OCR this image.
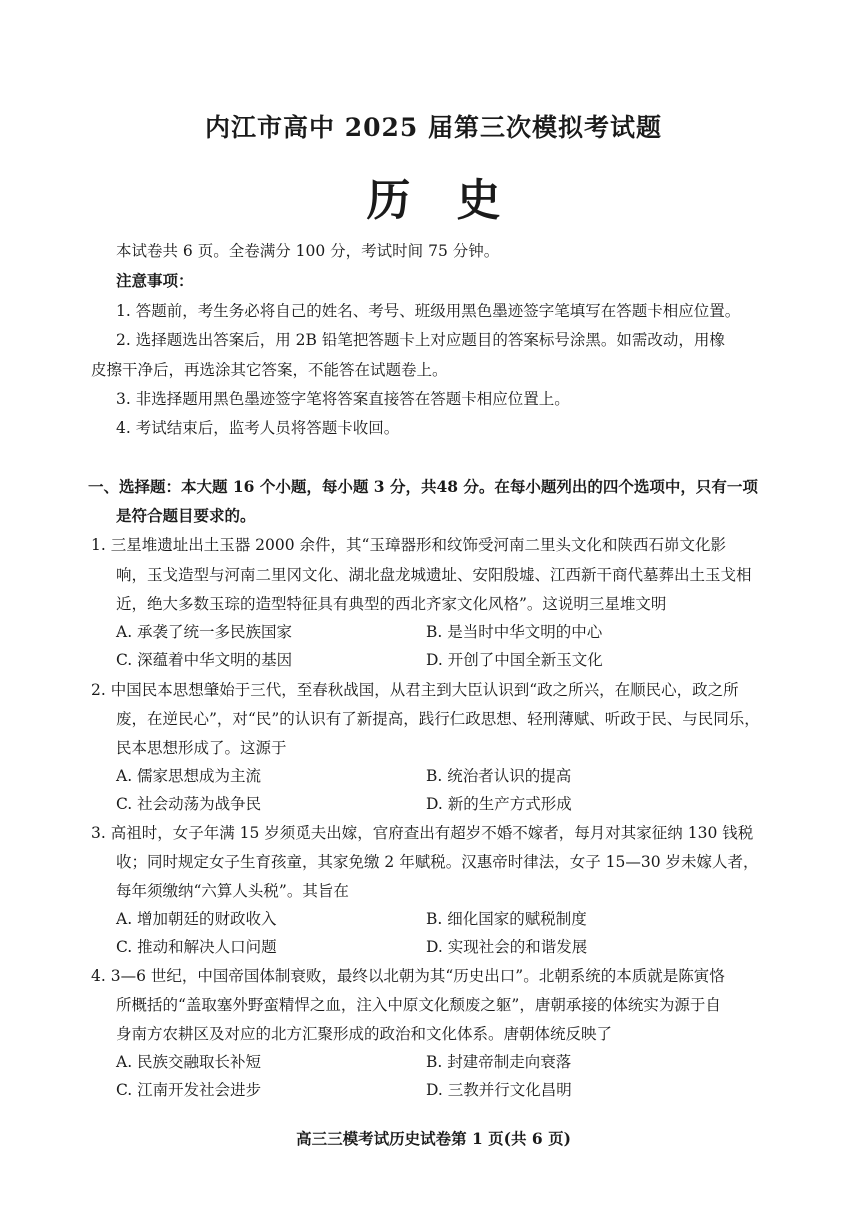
内江市高中 2025 届第三次模拟考试题
历史
本试卷共 6 页。全卷满分 100 分，考试时间 75 分钟。
注意事项：
1. 答题前，考生务必将自己的姓名、考号、班级用黑色墨迹签字笔填写在答题卡相应位置。
2. 选择题选出答案后，用 2B 铅笔把答题卡上对应题目的答案标号涂黑。如需改动，用橡
皮擦干净后，再选涂其它答案，不能答在试题卷上。
3. 非选择题用黑色墨迹签字笔将答案直接答在答题卡相应位置上。
4. 考试结束后，监考人员将答题卡收回。
一、选择题：本大题 16 个小题，每小题 3 分，共48 分。在每小题列出的四个选项中，只有一项
是符合题目要求的。
1. 三星堆遗址出土玉器 2000 余件，其“玉璋器形和纹饰受河南二里头文化和陕西石峁文化影
响，玉戈造型与河南二里冈文化、湖北盘龙城遗址、安阳殷墟、江西新干商代墓葬出土玉戈相
近，绝大多数玉琮的造型特征具有典型的西北齐家文化风格”。这说明三星堆文明
A. 承袭了统一多民族国家	B. 是当时中华文明的中心
C. 深蕴着中华文明的基因	D. 开创了中国全新玉文化
2. 中国民本思想肇始于三代，至春秋战国，从君主到大臣认识到“政之所兴，在顺民心，政之所
废，在逆民心”，对“民”的认识有了新提高，践行仁政思想、轻刑薄赋、听政于民、与民同乐，
民本思想形成了。这源于
A. 儒家思想成为主流	B. 统治者认识的提高
C. 社会动荡为战争民	D. 新的生产方式形成
3. 高祖时，女子年满 15 岁须觅夫出嫁，官府查出有超岁不婚不嫁者，每月对其家征纳 130 钱税
收；同时规定女子生育孩童，其家免缴 2 年赋税。汉惠帝时律法，女子 15—30 岁未嫁人者，
每年须缴纳“六算人头税”。其旨在
A. 增加朝廷的财政收入	B. 细化国家的赋税制度
C. 推动和解决人口问题	D. 实现社会的和谐发展
4. 3—6 世纪，中国帝国体制衰败，最终以北朝为其“历史出口”。北朝系统的本质就是陈寅恪
所概括的“盖取塞外野蛮精悍之血，注入中原文化颓废之躯”，唐朝承接的体统实为源于自
身南方农耕区及对应的北方汇聚形成的政治和文化体系。唐朝体统反映了
A. 民族交融取长补短	B. 封建帝制走向衰落
C. 江南开发社会进步	D. 三教并行文化昌明
高三三模考试历史试卷第 1 页(共 6 页)
